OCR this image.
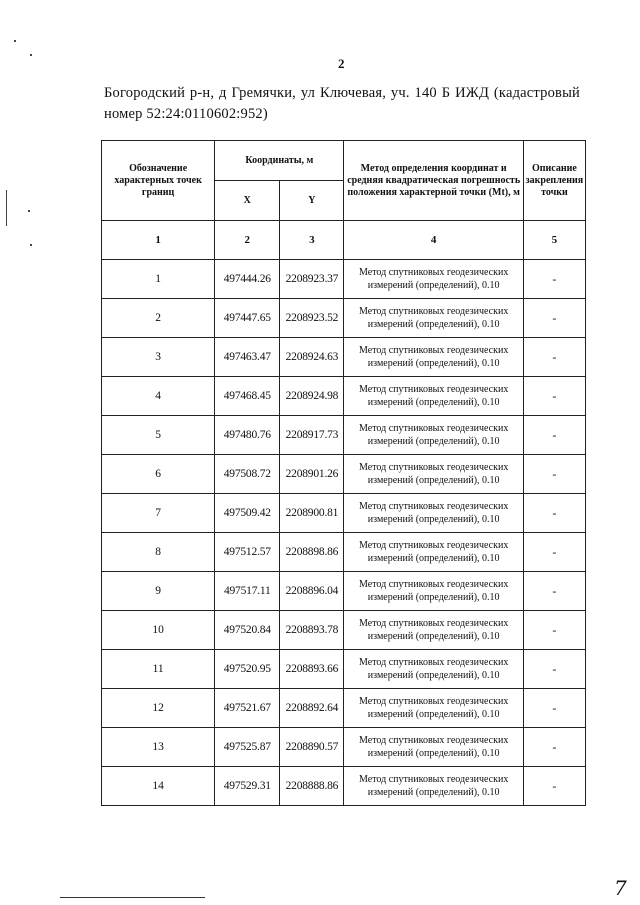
2
Богородский р-н, д Гремячки, ул Ключевая, уч. 140 Б ИЖД (кадастровый номер 52:24:0110602:952)
Обозначение характерных точек границ	Координаты, м		Метод определения координат и средняя квадратическая погрешность положения характерной точки (Mt), м	Описание закрепления точки
	X	Y		
1	2	3	4	5
1	497444.26	2208923.37	Метод спутниковых геодезических измерений (определений), 0.10	-
2	497447.65	2208923.52	Метод спутниковых геодезических измерений (определений), 0.10	-
3	497463.47	2208924.63	Метод спутниковых геодезических измерений (определений), 0.10	-
4	497468.45	2208924.98	Метод спутниковых геодезических измерений (определений), 0.10	-
5	497480.76	2208917.73	Метод спутниковых геодезических измерений (определений), 0.10	-
6	497508.72	2208901.26	Метод спутниковых геодезических измерений (определений), 0.10	-
7	497509.42	2208900.81	Метод спутниковых геодезических измерений (определений), 0.10	-
8	497512.57	2208898.86	Метод спутниковых геодезических измерений (определений), 0.10	-
9	497517.11	2208896.04	Метод спутниковых геодезических измерений (определений), 0.10	-
10	497520.84	2208893.78	Метод спутниковых геодезических измерений (определений), 0.10	-
11	497520.95	2208893.66	Метод спутниковых геодезических измерений (определений), 0.10	-
12	497521.67	2208892.64	Метод спутниковых геодезических измерений (определений), 0.10	-
13	497525.87	2208890.57	Метод спутниковых геодезических измерений (определений), 0.10	-
14	497529.31	2208888.86	Метод спутниковых геодезических измерений (определений), 0.10	-
7
